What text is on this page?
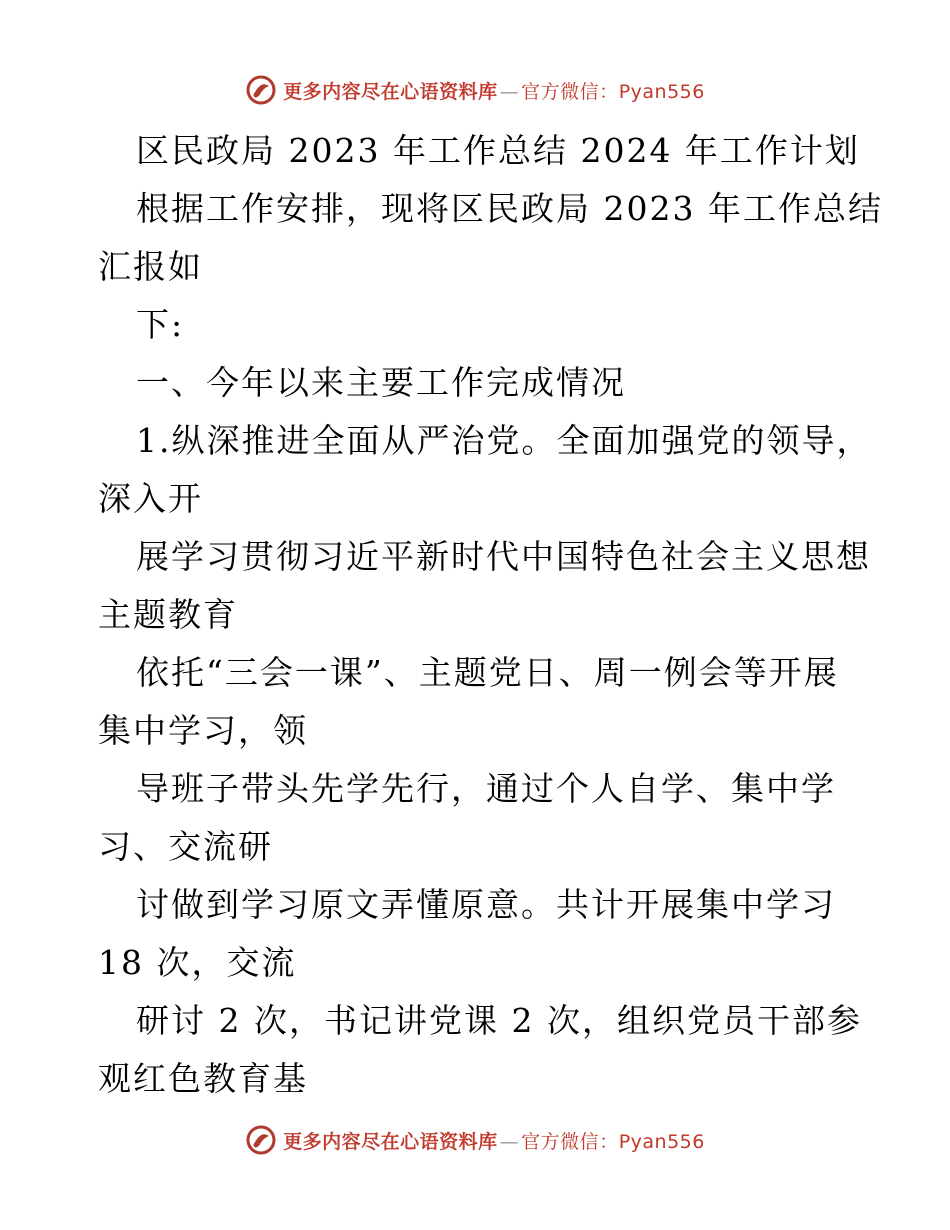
更多内容尽在心语资料库 — 官方微信：Pyan556
区民政局 2023 年工作总结 2024 年工作计划
根据工作安排，现将区民政局 2023 年工作总结
汇报如
下:
一、今年以来主要工作完成情况
1.纵深推进全面从严治党。全面加强党的领导，
深入开
展学习贯彻习近平新时代中国特色社会主义思想
主题教育
依托“三会一课”、主题党日、周一例会等开展
集中学习，领
导班子带头先学先行，通过个人自学、集中学
习、交流研
讨做到学习原文弄懂原意。共计开展集中学习
18 次，交流
研讨 2 次，书记讲党课 2 次，组织党员干部参
观红色教育基
更多内容尽在心语资料库 — 官方微信：Pyan556
